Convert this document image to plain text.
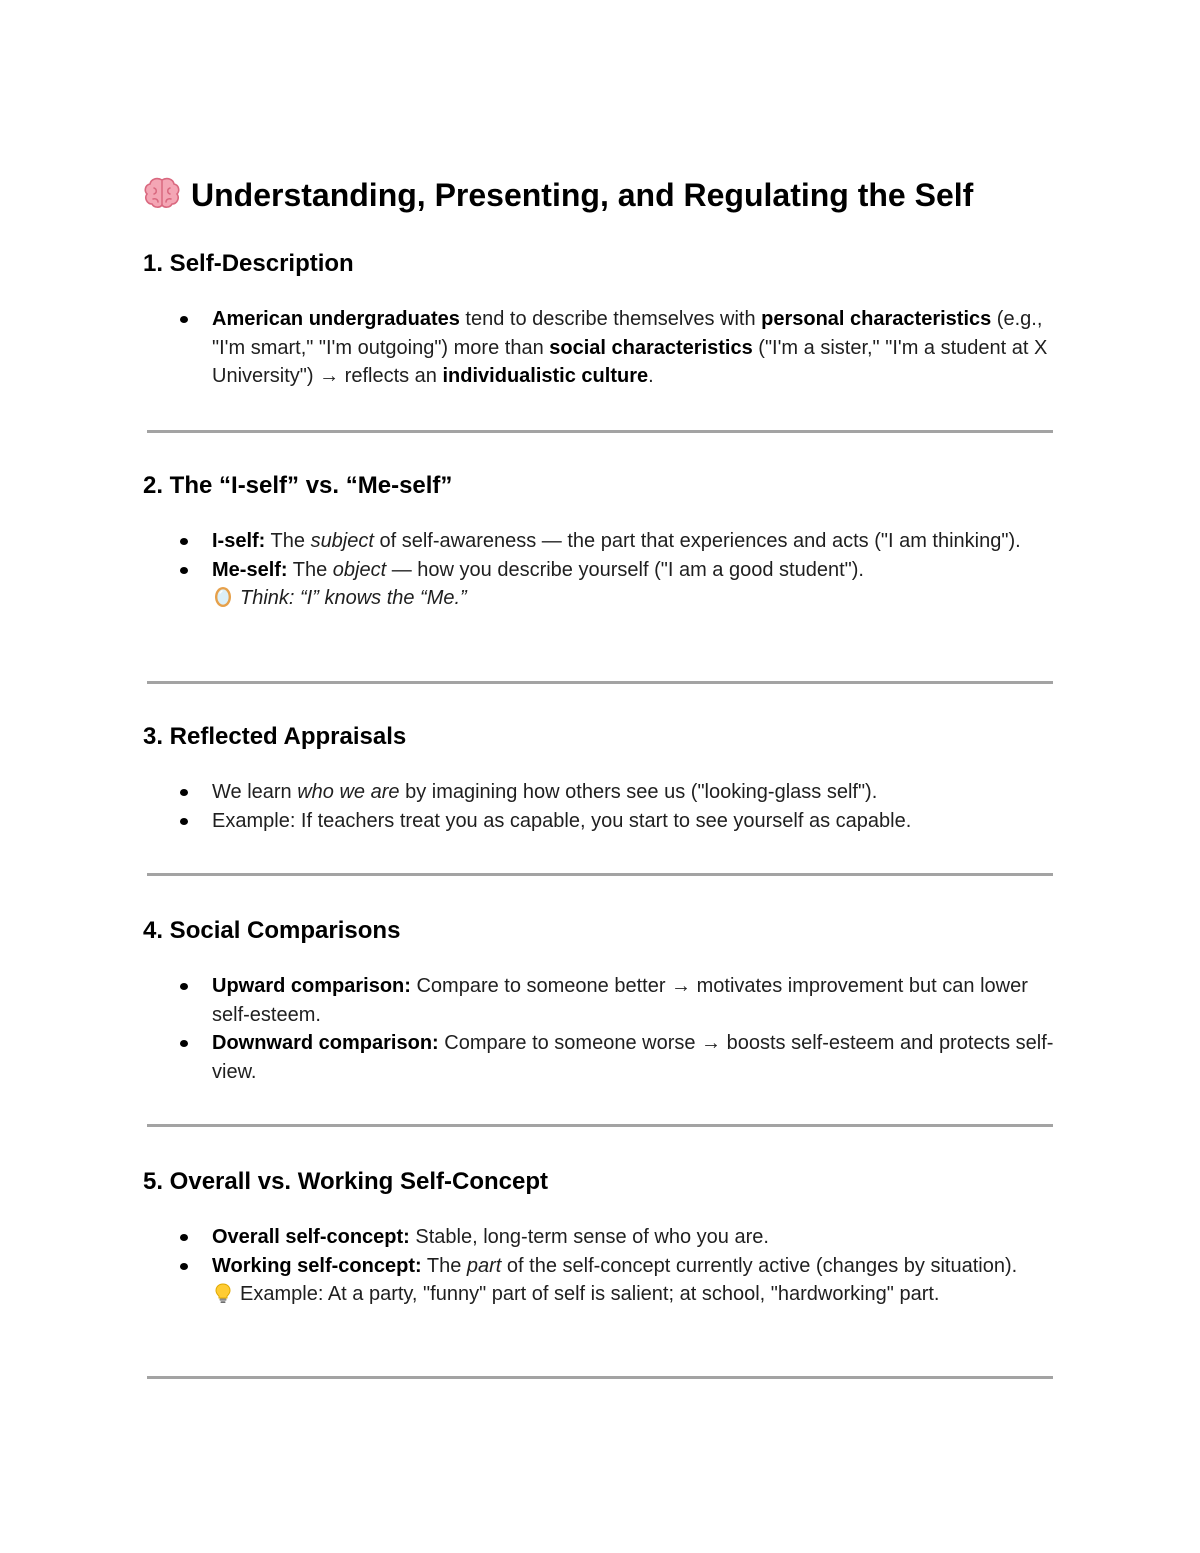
Understanding, Presenting, and Regulating the Self
1. Self-Description
American undergraduates tend to describe themselves with personal characteristics (e.g., "I'm smart," "I'm outgoing") more than social characteristics ("I'm a sister," "I'm a student at X University") → reflects an individualistic culture.
2. The “I-self” vs. “Me-self”
I-self: The subject of self-awareness — the part that experiences and acts ("I am thinking").
Me-self: The object — how you describe yourself ("I am a good student").
Think: “I” knows the “Me.”
3. Reflected Appraisals
We learn who we are by imagining how others see us ("looking-glass self").
Example: If teachers treat you as capable, you start to see yourself as capable.
4. Social Comparisons
Upward comparison: Compare to someone better → motivates improvement but can lower self-esteem.
Downward comparison: Compare to someone worse → boosts self-esteem and protects self-view.
5. Overall vs. Working Self-Concept
Overall self-concept: Stable, long-term sense of who you are.
Working self-concept: The part of the self-concept currently active (changes by situation).
Example: At a party, "funny" part of self is salient; at school, "hardworking" part.
